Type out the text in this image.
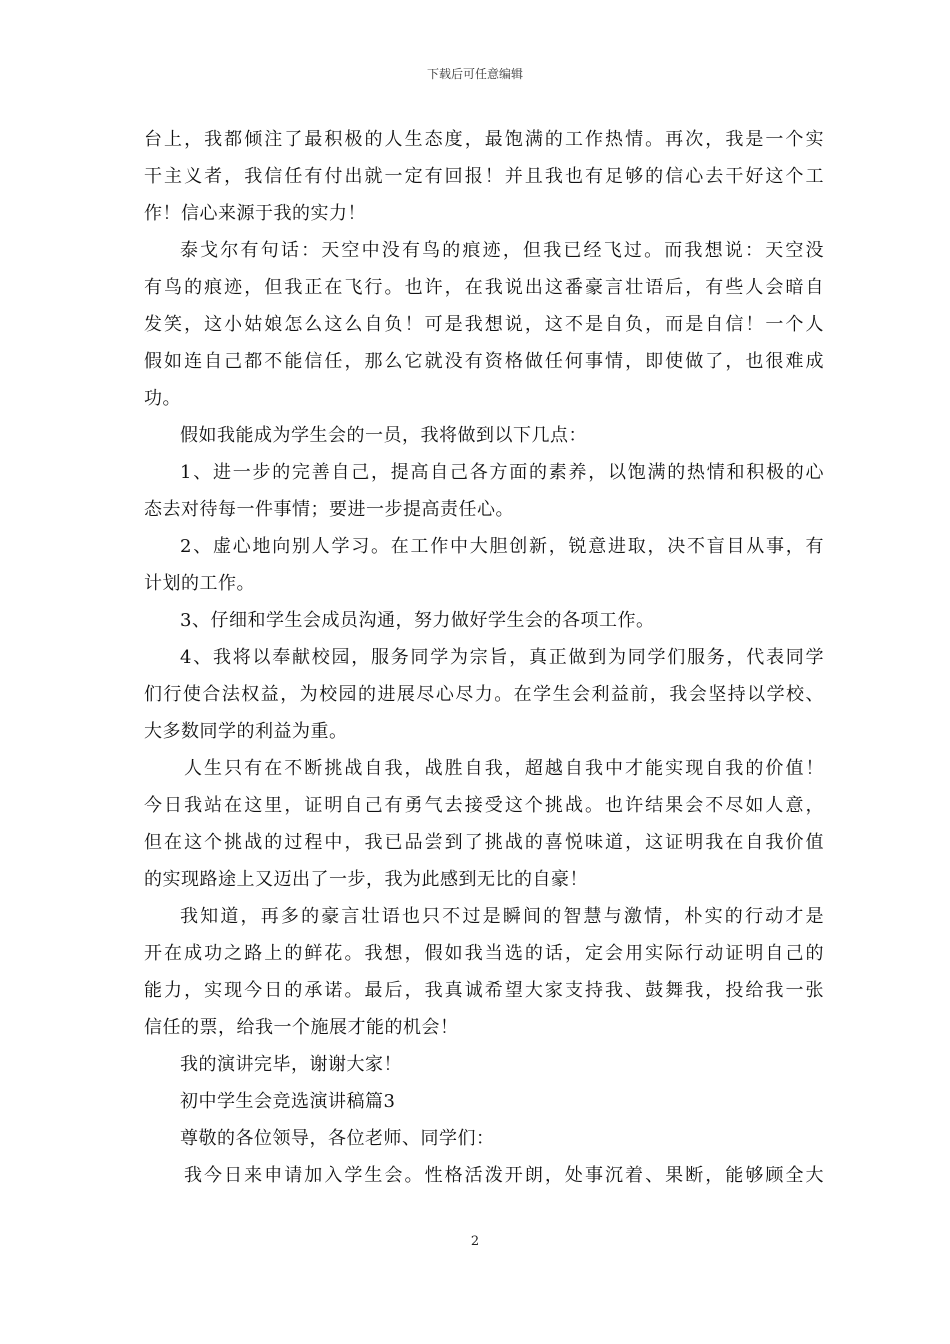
下载后可任意编辑
台上，我都倾注了最积极的人生态度，最饱满的工作热情。再次，我是一个实
干主义者，我信任有付出就一定有回报！并且我也有足够的信心去干好这个工
作！信心来源于我的实力！
泰戈尔有句话：天空中没有鸟的痕迹，但我已经飞过。而我想说：天空没
有鸟的痕迹，但我正在飞行。也许，在我说出这番豪言壮语后，有些人会暗自
发笑，这小姑娘怎么这么自负！可是我想说，这不是自负，而是自信！一个人
假如连自己都不能信任，那么它就没有资格做任何事情，即使做了，也很难成
功。
假如我能成为学生会的一员，我将做到以下几点：
1、进一步的完善自己，提高自己各方面的素养，以饱满的热情和积极的心
态去对待每一件事情；要进一步提高责任心。
2、虚心地向别人学习。在工作中大胆创新，锐意进取，决不盲目从事，有
计划的工作。
3、仔细和学生会成员沟通，努力做好学生会的各项工作。
4、我将以奉献校园，服务同学为宗旨，真正做到为同学们服务，代表同学
们行使合法权益，为校园的进展尽心尽力。在学生会利益前，我会坚持以学校、
大多数同学的利益为重。
人生只有在不断挑战自我，战胜自我，超越自我中才能实现自我的价值！
今日我站在这里，证明自己有勇气去接受这个挑战。也许结果会不尽如人意，
但在这个挑战的过程中，我已品尝到了挑战的喜悦味道，这证明我在自我价值
的实现路途上又迈出了一步，我为此感到无比的自豪！
我知道，再多的豪言壮语也只不过是瞬间的智慧与激情，朴实的行动才是
开在成功之路上的鲜花。我想，假如我当选的话，定会用实际行动证明自己的
能力，实现今日的承诺。最后，我真诚希望大家支持我、鼓舞我，投给我一张
信任的票，给我一个施展才能的机会！
我的演讲完毕，谢谢大家！
初中学生会竞选演讲稿篇3
尊敬的各位领导，各位老师、同学们：
我今日来申请加入学生会。性格活泼开朗，处事沉着、果断，能够顾全大
2
